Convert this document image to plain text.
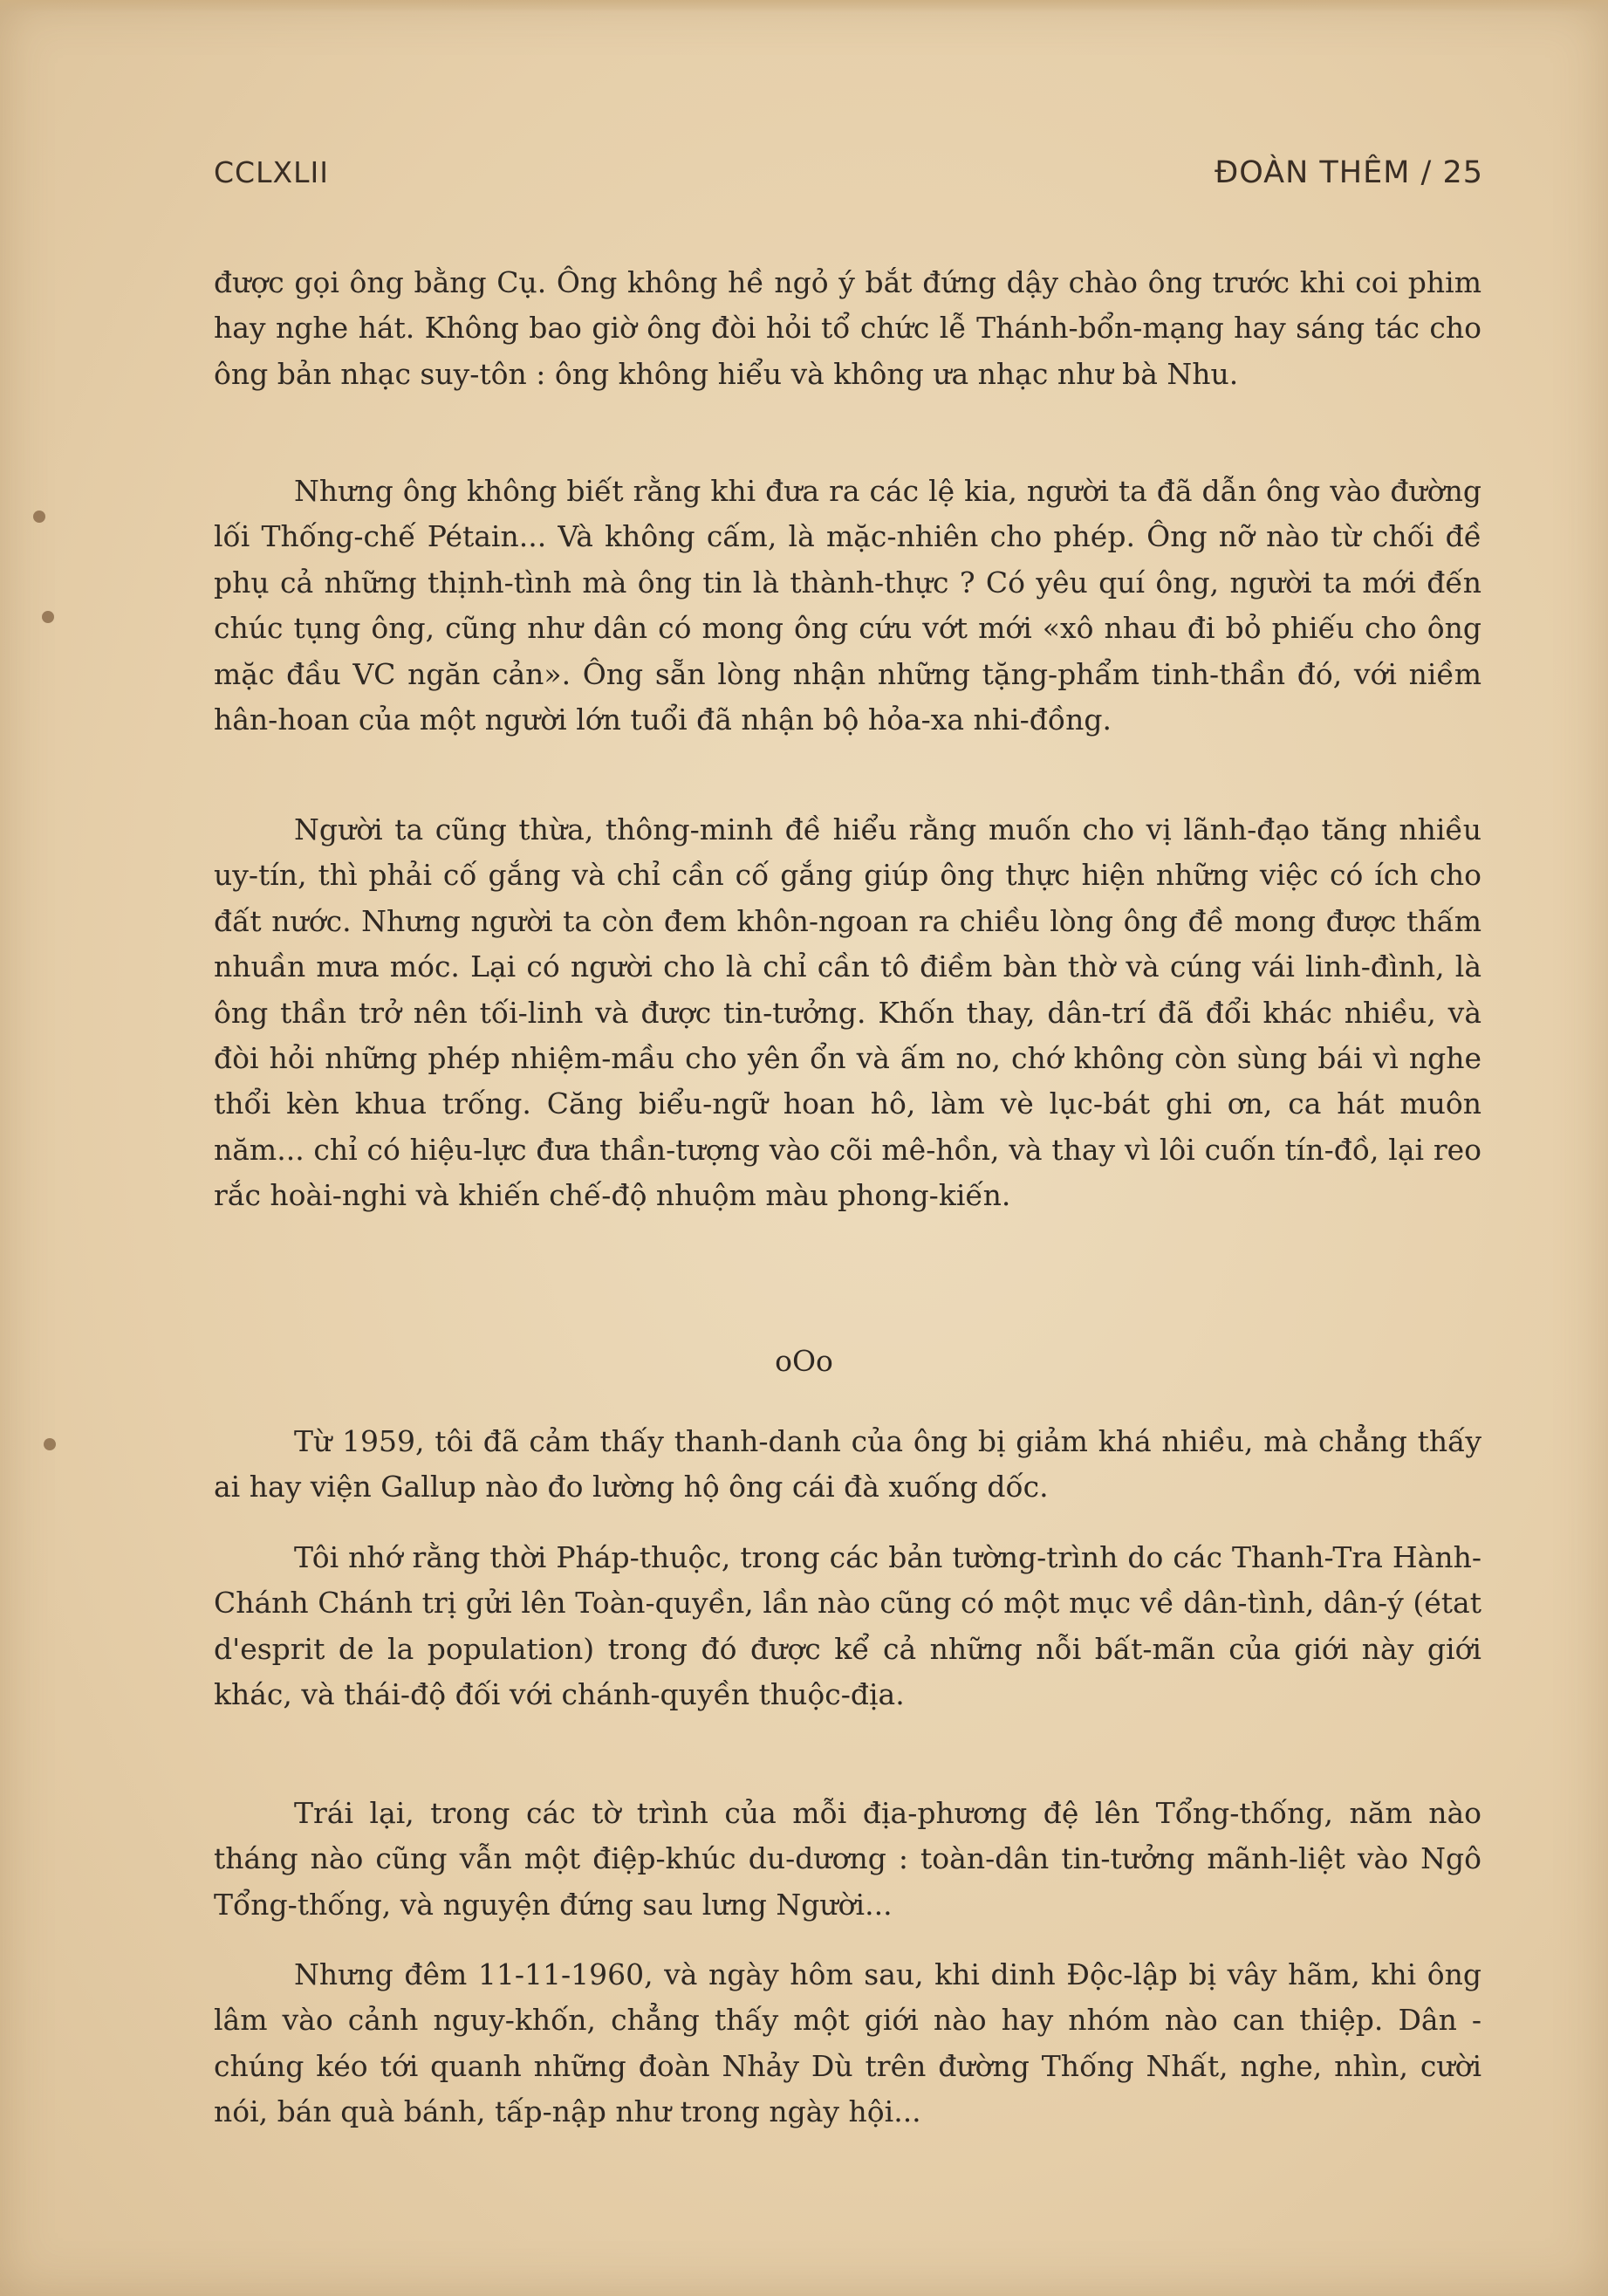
CCLXLII	ĐOÀN THÊM / 25

được gọi ông bằng Cụ. Ông không hề ngỏ ý bắt đứng dậy chào ông trước khi coi phim hay nghe hát. Không bao giờ ông đòi hỏi tổ chức lễ Thánh-bổn-mạng hay sáng tác cho ông bản nhạc suy-tôn : ông không hiểu và không ưa nhạc như bà Nhu.

Nhưng ông không biết rằng khi đưa ra các lệ kia, người ta đã dẫn ông vào đường lối Thống-chế Pétain... Và không cấm, là mặc-nhiên cho phép. Ông nỡ nào từ chối đề phụ cả những thịnh-tình mà ông tin là thành-thực ? Có yêu quí ông, người ta mới đến chúc tụng ông, cũng như dân có mong ông cứu vớt mới «xô nhau đi bỏ phiếu cho ông mặc đầu VC ngăn cản». Ông sẵn lòng nhận những tặng-phẩm tinh-thần đó, với niềm hân-hoan của một người lớn tuổi đã nhận bộ hỏa-xa nhi-đồng.

Người ta cũng thừa, thông-minh đề hiểu rằng muốn cho vị lãnh-đạo tăng nhiều uy-tín, thì phải cố gắng và chỉ cần cố gắng giúp ông thực hiện những việc có ích cho đất nước. Nhưng người ta còn đem khôn-ngoan ra chiều lòng ông đề mong được thấm nhuần mưa móc. Lại có người cho là chỉ cần tô điềm bàn thờ và cúng vái linh-đình, là ông thần trở nên tối-linh và được tin-tưởng. Khốn thay, dân-trí đã đổi khác nhiều, và đòi hỏi những phép nhiệm-mầu cho yên ổn và ấm no, chớ không còn sùng bái vì nghe thổi kèn khua trống. Căng biểu-ngữ hoan hô, làm vè lục-bát ghi ơn, ca hát muôn năm... chỉ có hiệu-lực đưa thần-tượng vào cõi mê-hồn, và thay vì lôi cuốn tín-đồ, lại reo rắc hoài-nghi và khiến chế-độ nhuộm màu phong-kiến.

oOo

Từ 1959, tôi đã cảm thấy thanh-danh của ông bị giảm khá nhiều, mà chẳng thấy ai hay viện Gallup nào đo lường hộ ông cái đà xuống dốc.

Tôi nhớ rằng thời Pháp-thuộc, trong các bản tường-trình do các Thanh-Tra Hành-Chánh Chánh trị gửi lên Toàn-quyền, lần nào cũng có một mục về dân-tình, dân-ý (état d'esprit de la population) trong đó được kể cả những nỗi bất-mãn của giới này giới khác, và thái-độ đối với chánh-quyền thuộc-địa.

Trái lại, trong các tờ trình của mỗi địa-phương đệ lên Tổng-thống, năm nào tháng nào cũng vẫn một điệp-khúc du-dương : toàn-dân tin-tưởng mãnh-liệt vào Ngô Tổng-thống, và nguyện đứng sau lưng Người...

Nhưng đêm 11-11-1960, và ngày hôm sau, khi dinh Độc-lập bị vây hãm, khi ông lâm vào cảnh nguy-khốn, chẳng thấy một giới nào hay nhóm nào can thiệp. Dân - chúng kéo tới quanh những đoàn Nhảy Dù trên đường Thống Nhất, nghe, nhìn, cười nói, bán quà bánh, tấp-nập như trong ngày hội...
